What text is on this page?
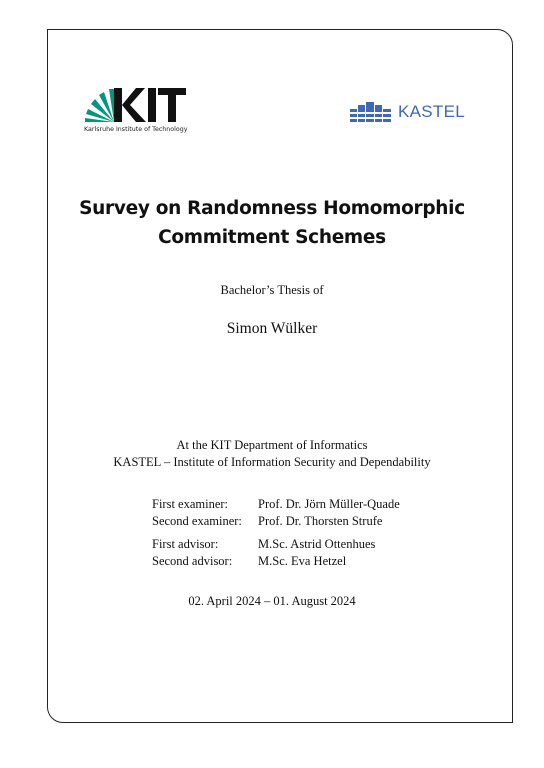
Karlsruhe Institute of Technology
KASTEL
Survey on Randomness Homomorphic
Commitment Schemes
Bachelor’s Thesis of
Simon Wülker
At the KIT Department of Informatics
KASTEL – Institute of Information Security and Dependability
First examiner:	Prof. Dr. Jörn Müller-Quade
Second examiner:	Prof. Dr. Thorsten Strufe
First advisor:	M.Sc. Astrid Ottenhues
Second advisor:	M.Sc. Eva Hetzel
02. April 2024 – 01. August 2024
